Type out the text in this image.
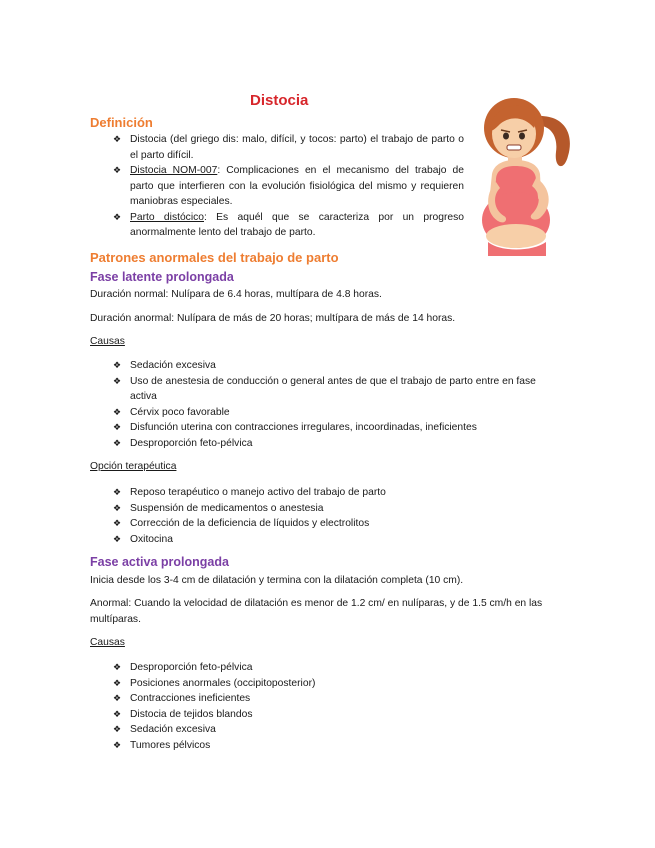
Distocia
Definición
❖ Distocia (del griego dis: malo, difícil, y tocos: parto) el trabajo de parto o el parto difícil.
❖ Distocia NOM-007: Complicaciones en el mecanismo del trabajo de parto que interfieren con la evolución fisiológica del mismo y requieren maniobras especiales.
❖ Parto distócico: Es aquél que se caracteriza por un progreso anormalmente lento del trabajo de parto.
Patrones anormales del trabajo de parto
Fase latente prolongada
Duración normal: Nulípara de 6.4 horas, multípara de 4.8 horas.
Duración anormal: Nulípara de más de 20 horas; multípara de más de 14 horas.
Causas
❖ Sedación excesiva
❖ Uso de anestesia de conducción o general antes de que el trabajo de parto entre en fase activa
❖ Cérvix poco favorable
❖ Disfunción uterina con contracciones irregulares, incoordinadas, ineficientes
❖ Desproporción feto-pélvica
Opción terapéutica
❖ Reposo terapéutico o manejo activo del trabajo de parto
❖ Suspensión de medicamentos o anestesia
❖ Corrección de la deficiencia de líquidos y electrolitos
❖ Oxitocina
Fase activa prolongada
Inicia desde los 3-4 cm de dilatación y termina con la dilatación completa (10 cm).
Anormal: Cuando la velocidad de dilatación es menor de 1.2 cm/ en nulíparas, y de 1.5 cm/h en las multíparas.
Causas
❖ Desproporción feto-pélvica
❖ Posiciones anormales (occipitoposterior)
❖ Contracciones ineficientes
❖ Distocia de tejidos blandos
❖ Sedación excesiva
❖ Tumores pélvicos
